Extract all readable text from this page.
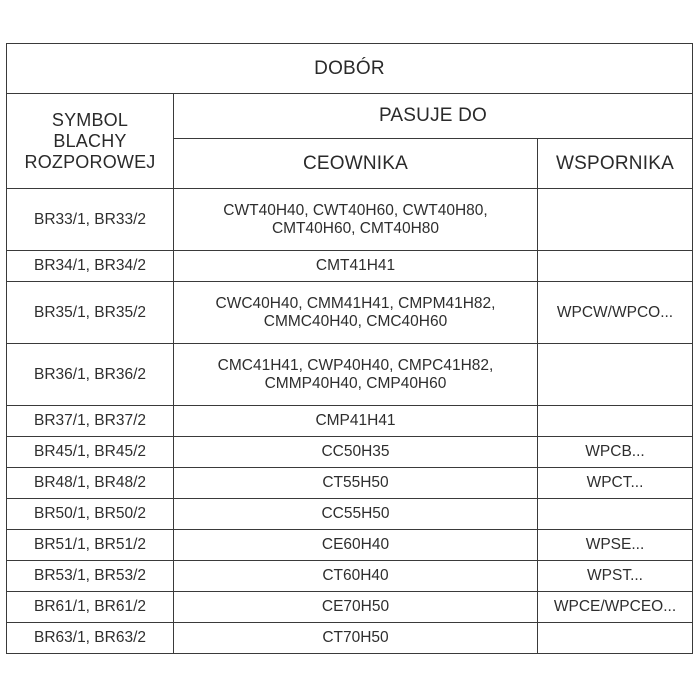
DOBÓR		

SYMBOL
BLACHY
ROZPOROWEJ	PASUJE DO	
	CEOWNIKA	WSPORNIKA
BR33/1, BR33/2	CWT40H40, CWT40H60, CWT40H80,
CMT40H60, CMT40H80	

BR34/1, BR34/2	CMT41H41	

BR35/1, BR35/2	CWC40H40, CMM41H41, CMPM41H82,
CMMC40H40, CMC40H60	WPCW/WPCO...
BR36/1, BR36/2	CMC41H41, CWP40H40, CMPC41H82,
CMMP40H40, CMP40H60	

BR37/1, BR37/2	CMP41H41	

BR45/1, BR45/2	CC50H35	WPCB...
BR48/1, BR48/2	CT55H50	WPCT...
BR50/1, BR50/2	CC55H50	

BR51/1, BR51/2	CE60H40	WPSE...
BR53/1, BR53/2	CT60H40	WPST...
BR61/1, BR61/2	CE70H50	WPCE/WPCEO...
BR63/1, BR63/2	CT70H50	
